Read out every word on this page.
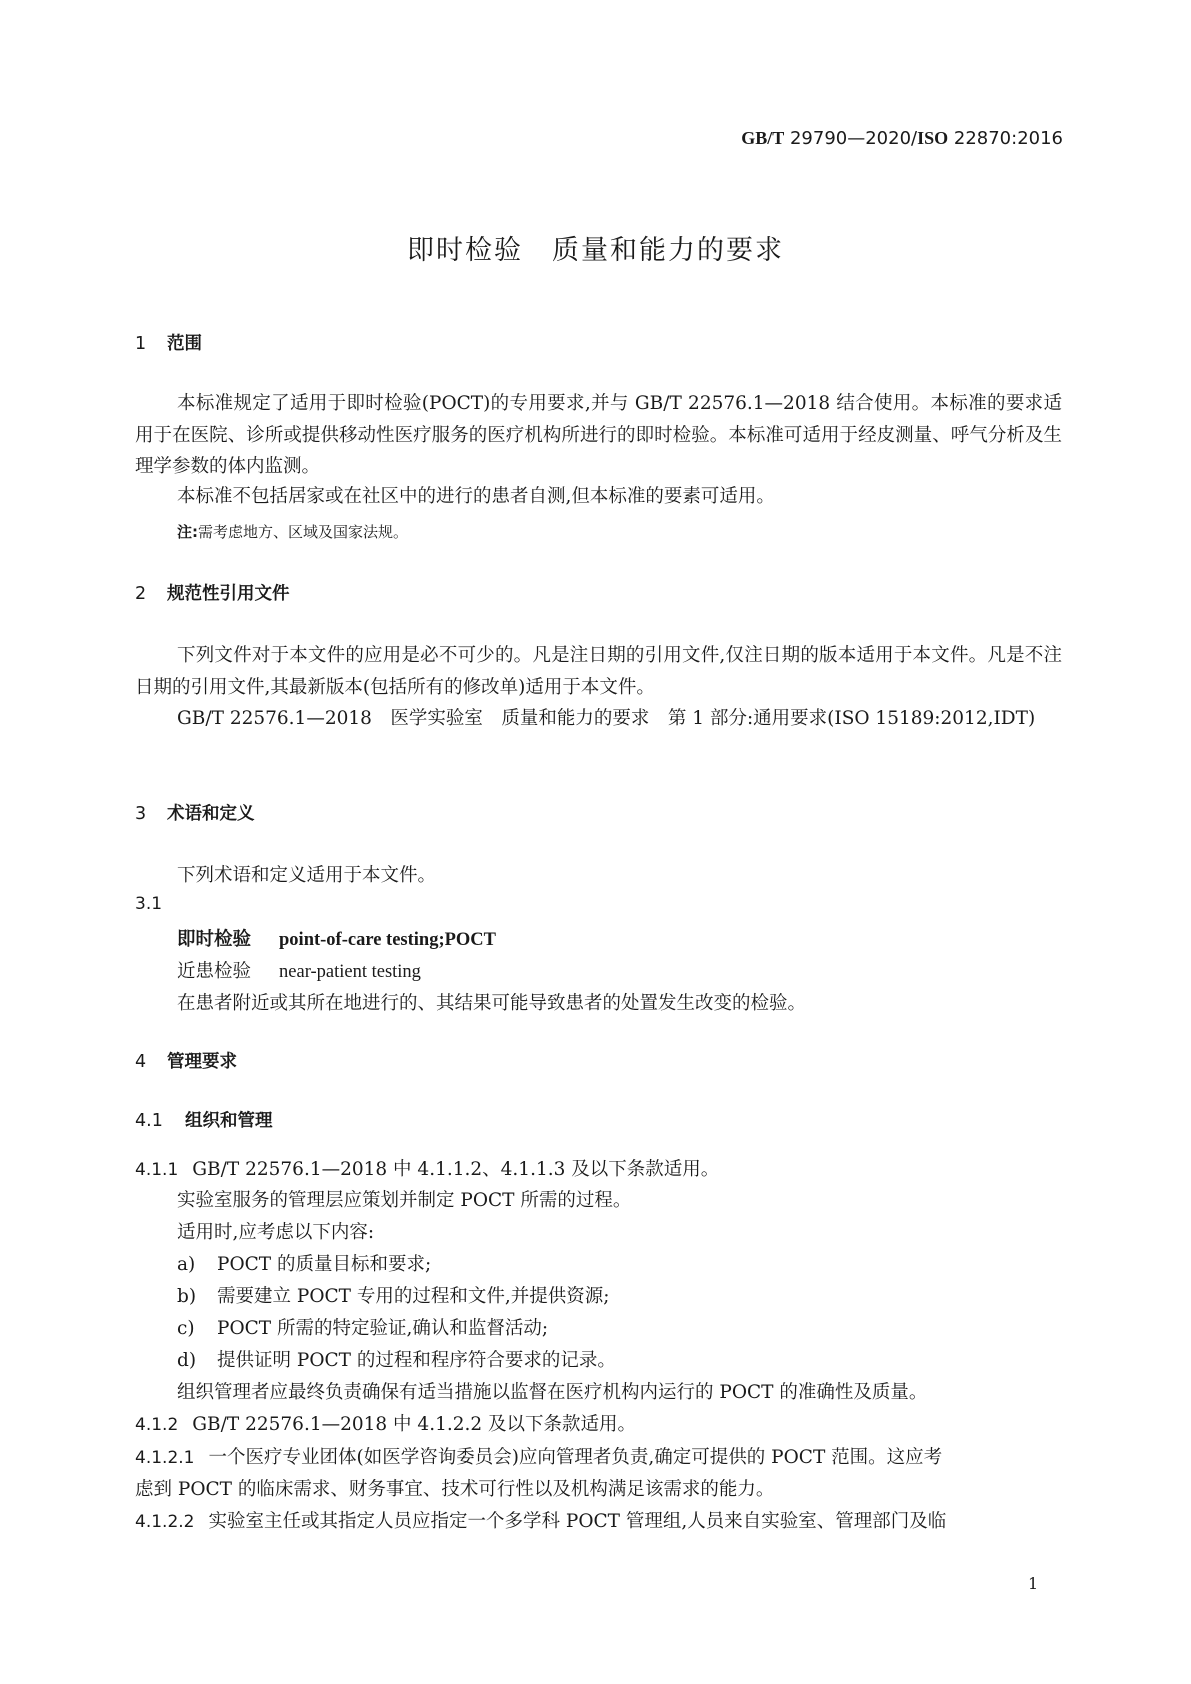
GB/T 29790—2020/ISO 22870:2016
即时检验　质量和能力的要求
1 范围
本标准规定了适用于即时检验(POCT)的专用要求,并与 GB/T 22576.1—2018 结合使用。本标准的要求适用于在医院、诊所或提供移动性医疗服务的医疗机构所进行的即时检验。本标准可适用于经皮测量、呼气分析及生理学参数的体内监测。
本标准不包括居家或在社区中的进行的患者自测,但本标准的要素可适用。
注:需考虑地方、区域及国家法规。
2 规范性引用文件
下列文件对于本文件的应用是必不可少的。凡是注日期的引用文件,仅注日期的版本适用于本文件。凡是不注日期的引用文件,其最新版本(包括所有的修改单)适用于本文件。
GB/T 22576.1—2018　医学实验室　质量和能力的要求　第 1 部分:通用要求(ISO 15189:2012,IDT)
3 术语和定义
下列术语和定义适用于本文件。
3.1
即时检验 point-of-care testing;POCT
近患检验 near-patient testing
在患者附近或其所在地进行的、其结果可能导致患者的处置发生改变的检验。
4 管理要求
4.1 组织和管理
4.1.1 GB/T 22576.1—2018 中 4.1.1.2、4.1.1.3 及以下条款适用。
实验室服务的管理层应策划并制定 POCT 所需的过程。
适用时,应考虑以下内容:
a) POCT 的质量目标和要求;
b) 需要建立 POCT 专用的过程和文件,并提供资源;
c) POCT 所需的特定验证,确认和监督活动;
d) 提供证明 POCT 的过程和程序符合要求的记录。
组织管理者应最终负责确保有适当措施以监督在医疗机构内运行的 POCT 的准确性及质量。
4.1.2 GB/T 22576.1—2018 中 4.1.2.2 及以下条款适用。
4.1.2.1 一个医疗专业团体(如医学咨询委员会)应向管理者负责,确定可提供的 POCT 范围。这应考
虑到 POCT 的临床需求、财务事宜、技术可行性以及机构满足该需求的能力。
4.1.2.2 实验室主任或其指定人员应指定一个多学科 POCT 管理组,人员来自实验室、管理部门及临
1
